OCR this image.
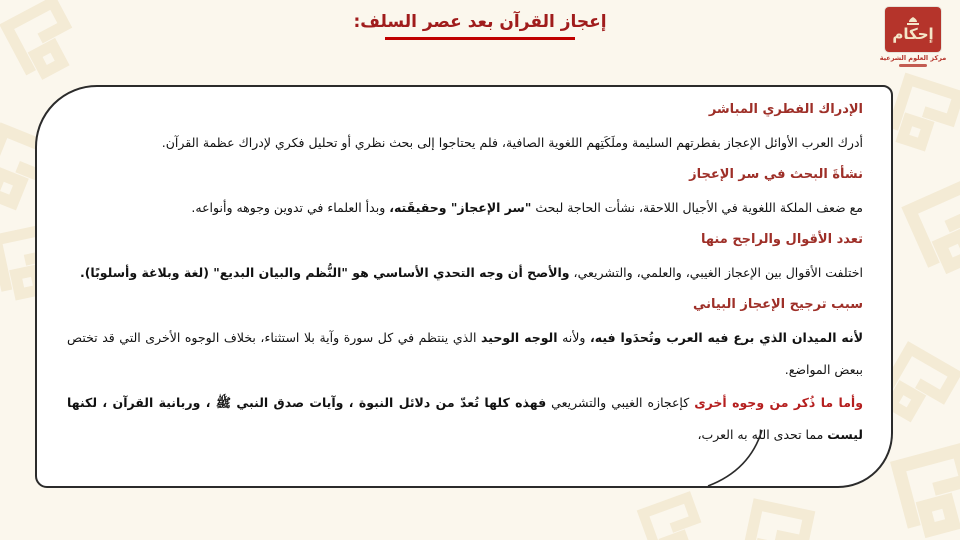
إعجاز القرآن بعد عصر السلف:
إحكام
مركز العلوم الشرعية
الإدراك الفطري المباشر

أدرك العرب الأوائل الإعجاز بفطرتهم السليمة وملَكَتِهم اللغوية الصافية، فلم يحتاجوا إلى بحث نظري أو تحليل فكري لإدراك عظمة القرآن.

نشأةَ البحث في سر الإعجاز

مع ضعف الملكة اللغوية في الأجيال اللاحقة، نشأت الحاجة لبحث "سر الإعجاز" وحقيقَته، وبدأ العلماء في تدوين وجوهه وأنواعه.

تعدد الأقوال والراجح منها

اختلفت الأقوال بين الإعجاز الغيبي، والعلمي، والتشريعي، والأصح أن وجه التحدي الأساسي هو "النُّظم والبيان البديع" (لغة وبلاغة وأسلوبًا).

سبب ترجيح الإعجاز البياني

لأنه الميدان الذي برع فيه العرب وتُحدَوا فيه، ولأنه الوجه الوحيد الذي ينتظم في كل سورة وآية بلا استثناء، بخلاف الوجوه الأخرى التي قد تختص ببعض المواضع.

وأما ما ذُكر من وجوه أخرى كإعجازه الغيبي والتشريعي فهذه كلها تُعدّ من دلائل النبوة ، وآيات صدق النبي ﷺ ، وربانية القرآن ، لكنها ليست مما تحدى الله به العرب،
